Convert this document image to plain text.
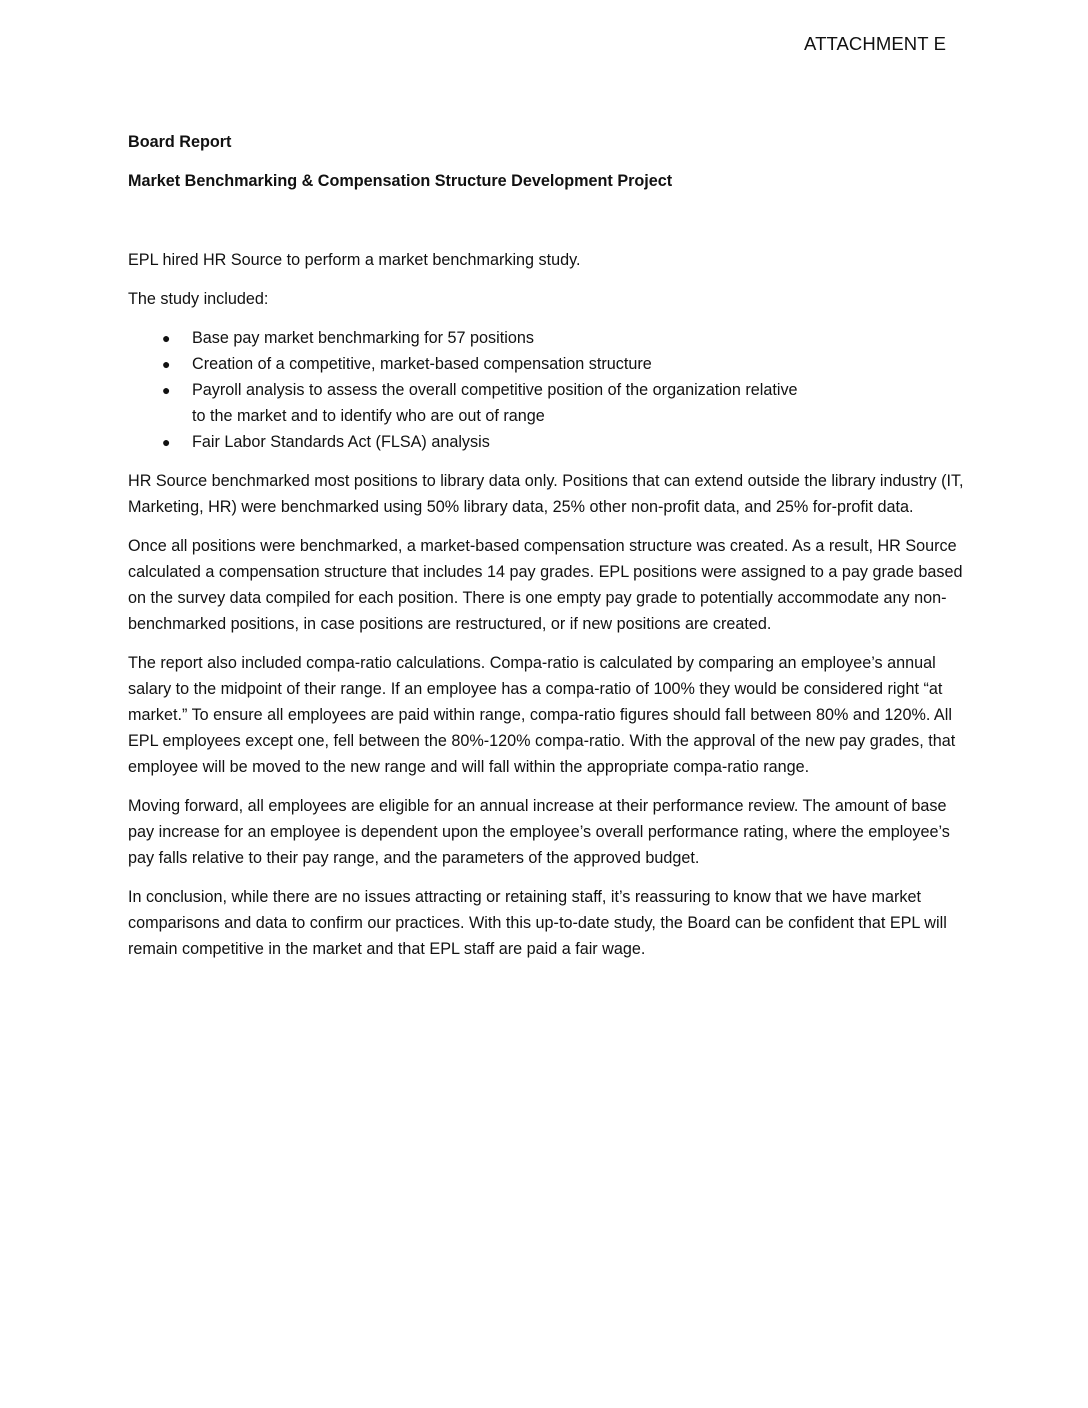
ATTACHMENT E
Board Report
Market Benchmarking & Compensation Structure Development Project

EPL hired HR Source to perform a market benchmarking study.

The study included:

● Base pay market benchmarking for 57 positions
● Creation of a competitive, market-based compensation structure
● Payroll analysis to assess the overall competitive position of the organization relative to the market and to identify who are out of range
● Fair Labor Standards Act (FLSA) analysis

HR Source benchmarked most positions to library data only. Positions that can extend outside the library industry (IT, Marketing, HR) were benchmarked using 50% library data, 25% other non-profit data, and 25% for-profit data.

Once all positions were benchmarked, a market-based compensation structure was created. As a result, HR Source calculated a compensation structure that includes 14 pay grades. EPL positions were assigned to a pay grade based on the survey data compiled for each position. There is one empty pay grade to potentially accommodate any non-benchmarked positions, in case positions are restructured, or if new positions are created.

The report also included compa-ratio calculations. Compa-ratio is calculated by comparing an employee’s annual salary to the midpoint of their range. If an employee has a compa-ratio of 100% they would be considered right “at market.” To ensure all employees are paid within range, compa-ratio figures should fall between 80% and 120%. All EPL employees except one, fell between the 80%-120% compa-ratio. With the approval of the new pay grades, that employee will be moved to the new range and will fall within the appropriate compa-ratio range.

Moving forward, all employees are eligible for an annual increase at their performance review. The amount of base pay increase for an employee is dependent upon the employee’s overall performance rating, where the employee’s pay falls relative to their pay range, and the parameters of the approved budget.

In conclusion, while there are no issues attracting or retaining staff, it’s reassuring to know that we have market comparisons and data to confirm our practices. With this up-to-date study, the Board can be confident that EPL will remain competitive in the market and that EPL staff are paid a fair wage.
